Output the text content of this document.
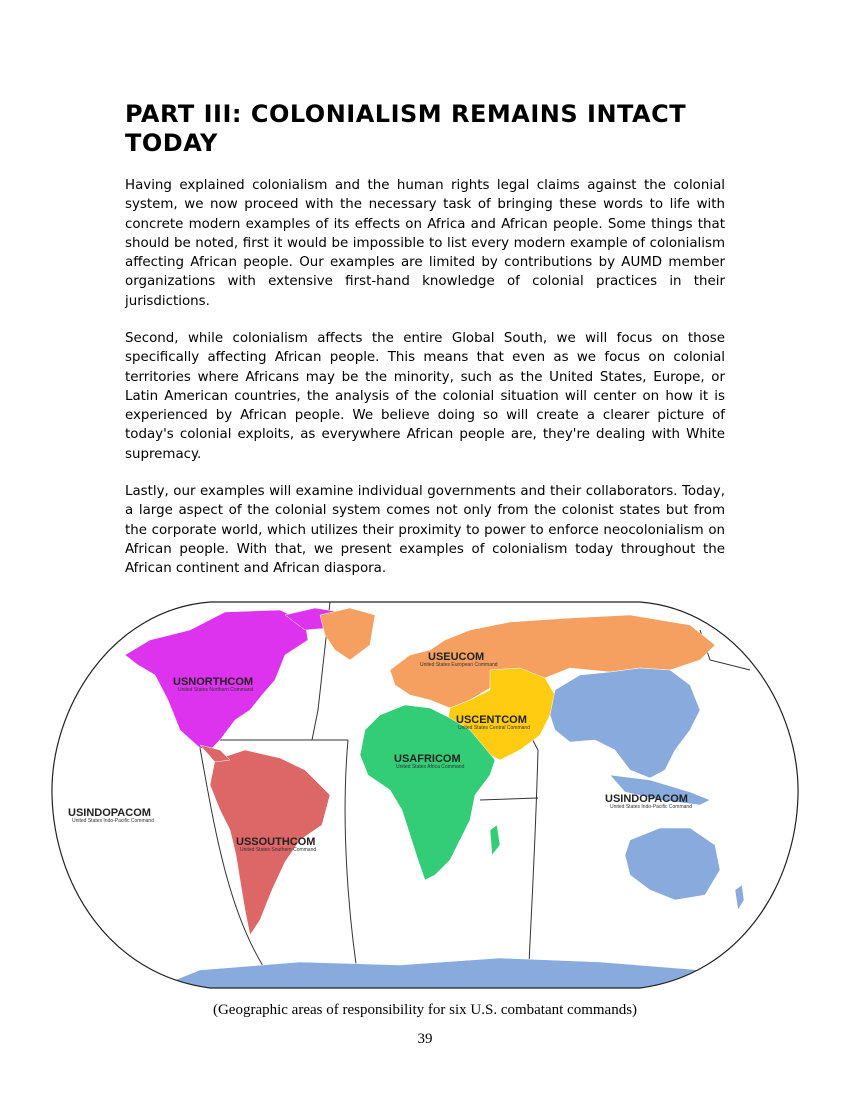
PART III: COLONIALISM REMAINS INTACT TODAY

Having explained colonialism and the human rights legal claims against the colonial system, we now proceed with the necessary task of bringing these words to life with concrete modern examples of its effects on Africa and African people. Some things that should be noted, first it would be impossible to list every modern example of colonialism affecting African people. Our examples are limited by contributions by AUMD member organizations with extensive first-hand knowledge of colonial practices in their jurisdictions.

Second, while colonialism affects the entire Global South, we will focus on those specifically affecting African people. This means that even as we focus on colonial territories where Africans may be the minority, such as the United States, Europe, or Latin American countries, the analysis of the colonial situation will center on how it is experienced by African people. We believe doing so will create a clearer picture of today's colonial exploits, as everywhere African people are, they're dealing with White supremacy.

Lastly, our examples will examine individual governments and their collaborators. Today, a large aspect of the colonial system comes not only from the colonist states but from the corporate world, which utilizes their proximity to power to enforce neocolonialism on African people. With that, we present examples of colonialism today throughout the African continent and African diaspora.

USNORTHCOM
United States Northern Command
USEUCOM
United States European Command
USCENTCOM
United States Central Command
USAFRICOM
United States Africa Command
USINDOPACOM
United States Indo-Pacific Command
USSOUTHCOM
United States Southern Command
USINDOPACOM
United States Indo-Pacific Command
(Geographic areas of responsibility for six U.S. combatant commands)
39
